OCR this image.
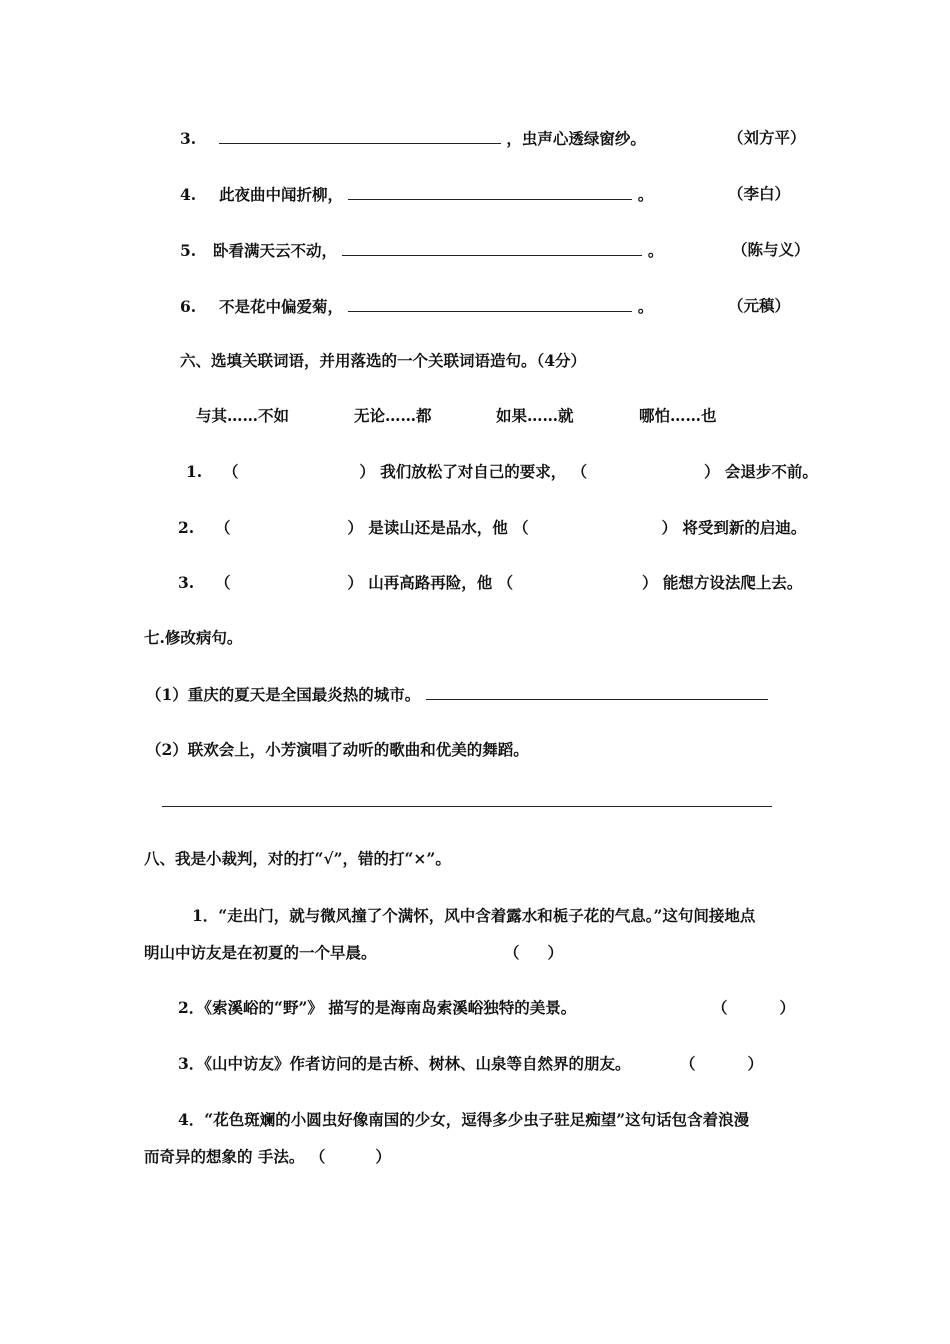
3.	，虫声心透绿窗纱。	（刘方平）
4. 此夜曲中闻折柳，	。	（李白）
5. 卧看满天云不动，	。	（陈与义）
6. 不是花中偏爱菊，	。	（元稹）
六、选填关联词语，并用落选的一个关联词语造句。（4分）
与其……不如	无论……都	如果……就	哪怕……也
1. （	） 我们放松了对自己的要求， （	） 会退步不前。
2. （	） 是读山还是品水，他 （	） 将受到新的启迪。
3. （	） 山再高路再险，他 （	） 能想方设法爬上去。
七.修改病句。
（1）重庆的夏天是全国最炎热的城市。
（2）联欢会上，小芳演唱了动听的歌曲和优美的舞蹈。
八、我是小裁判，对的打“√”，错的打“×”。
1．“走出门，就与微风撞了个满怀，风中含着露水和栀子花的气息。”这句间接地点
明山中访友是在初夏的一个早晨。	（ ）
2．《索溪峪的“野”》 描写的是海南岛索溪峪独特的美景。	（	）
3．《山中访友》作者访问的是古桥、树林、山泉等自然界的朋友。	（	）
4．“花色斑斓的小圆虫好像南国的少女，逗得多少虫子驻足痴望”这句话包含着浪漫
而奇异的想象的 手法。 （	）
